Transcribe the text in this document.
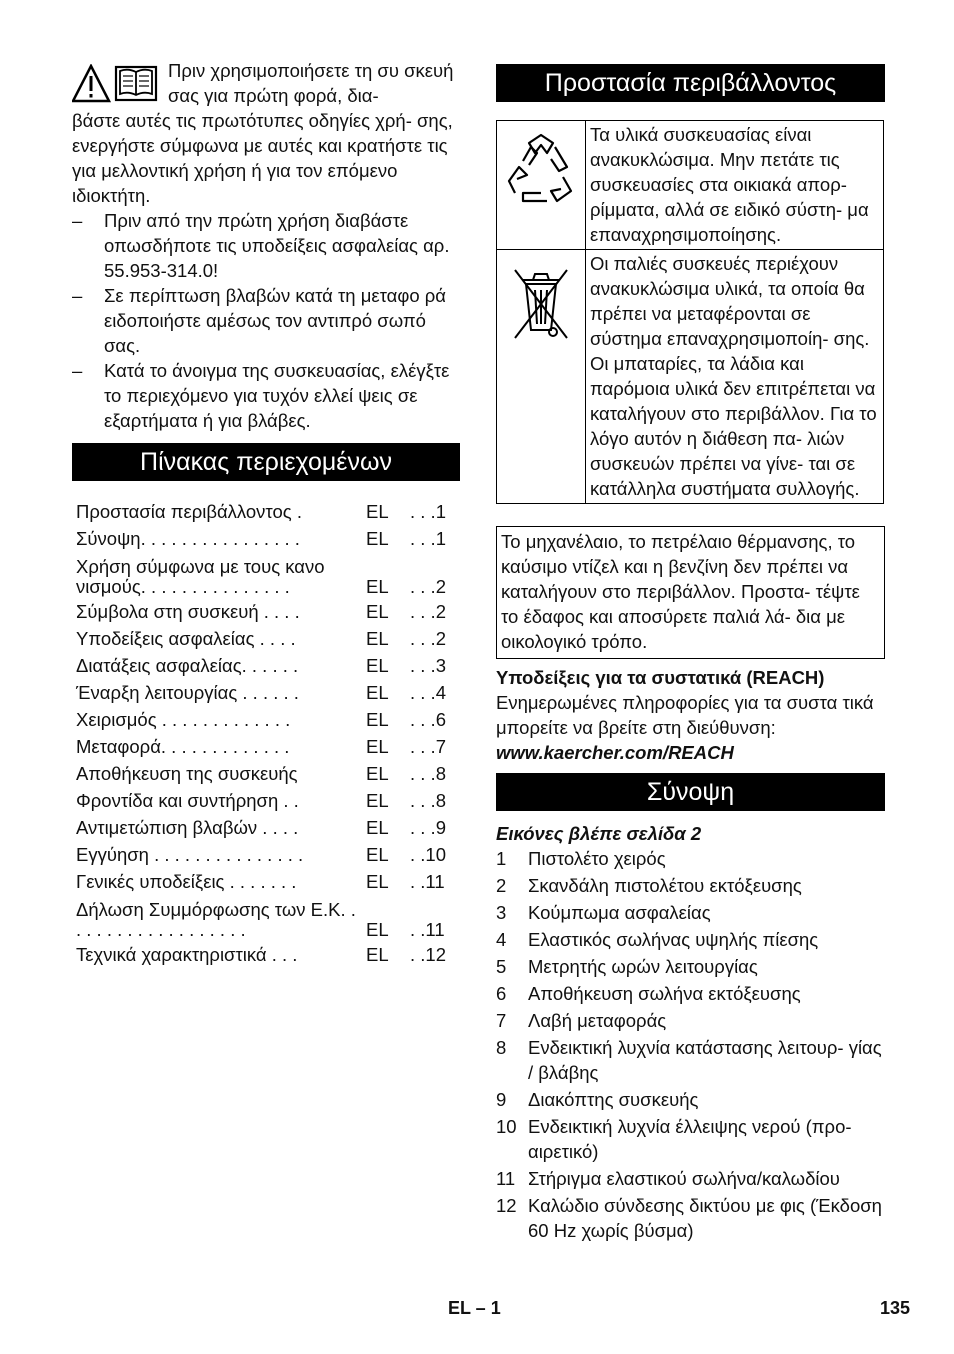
Πριν χρησιμοποιήσετε τη συ σκευή σας για πρώτη φορά, δια-
βάστε αυτές τις πρωτότυπες οδηγίες χρή- σης, ενεργήστε σύμφωνα με αυτές και κρατήστε τις για μελλοντική χρήση ή για τον επόμενο ιδιοκτήτη.
– Πριν από την πρώτη χρήση διαβάστε οπωσδήποτε τις υποδείξεις ασφαλείας αρ. 55.953-314.0!
– Σε περίπτωση βλαβών κατά τη μεταφο ρά ειδοποιήστε αμέσως τον αντιπρό σωπό σας.
– Κατά το άνοιγμα της συσκευασίας, ελέγξτε το περιεχόμενο για τυχόν ελλεί ψεις σε εξαρτήματα ή για βλάβες.
Πίνακας περιεχομένων
Προστασία περιβάλλοντος .	EL . . .1
Σύνοψη. . . . . . . . . . . . . . . .	EL . . .1
Χρήση σύμφωνα με τους κανο νισμούς. . . . . . . . . . . . . . .	EL . . .2
Σύμβολα στη συσκευή . . . .	EL . . .2
Υποδείξεις ασφαλείας . . . .	EL . . .2
Διατάξεις ασφαλείας. . . . . .	EL . . .3
Έναρξη λειτουργίας . . . . . .	EL . . .4
Χειρισμός . . . . . . . . . . . . .	EL . . .6
Μεταφορά. . . . . . . . . . . . .	EL . . .7
Αποθήκευση της συσκευής	EL . . .8
Φροντίδα και συντήρηση . .	EL . . .8
Αντιμετώπιση βλαβών . . . .	EL . . .9
Εγγύηση . . . . . . . . . . . . . . .	EL . .10
Γενικές υποδείξεις . . . . . . .	EL . .11
Δήλωση Συμμόρφωσης των Ε.Κ. . . . . . . . . . . . . . . . . . .	EL . .11
Τεχνικά χαρακτηριστικά . . .	EL . .12
Προστασία περιβάλλοντος
	Τα υλικά συσκευασίας είναι ανακυκλώσιμα. Μην πετάτε τις συσκευασίες στα οικιακά απορ- ρίμματα, αλλά σε ειδικό σύστη- μα επαναχρησιμοποίησης.
	Οι παλιές συσκευές περιέχουν ανακυκλώσιμα υλικά, τα οποία θα πρέπει να μεταφέρονται σε σύστημα επαναχρησιμοποίη- σης. Οι μπαταρίες, τα λάδια και παρόμοια υλικά δεν επιτρέπεται να καταλήγουν στο περιβάλλον. Για το λόγο αυτόν η διάθεση πα- λιών συσκευών πρέπει να γίνε- ται σε κατάλληλα συστήματα συλλογής.
Το μηχανέλαιο, το πετρέλαιο θέρμανσης, το καύσιμο ντίζελ και η βενζίνη δεν πρέπει να καταλήγουν στο περιβάλλον. Προστα- τέψτε το έδαφος και αποσύρετε παλιά λά- δια με οικολογικό τρόπο.
Υποδείξεις για τα συστατικά (REACH)
Ενημερωμένες πληροφορίες για τα συστα τικά μπορείτε να βρείτε στη διεύθυνση:
www.kaercher.com/REACH
Σύνοψη
Εικόνες βλέπε σελίδα 2
1 Πιστολέτο χειρός
2 Σκανδάλη πιστολέτου εκτόξευσης
3 Κούμπωμα ασφαλείας
4 Ελαστικός σωλήνας υψηλής πίεσης
5 Μετρητής ωρών λειτουργίας
6 Αποθήκευση σωλήνα εκτόξευσης
7 Λαβή μεταφοράς
8 Ενδεικτική λυχνία κατάστασης λειτουρ- γίας / βλάβης
9 Διακόπτης συσκευής
10 Ενδεικτική λυχνία έλλειψης νερού (προ- αιρετικό)
11 Στήριγμα ελαστικού σωλήνα/καλωδίου
12 Καλώδιο σύνδεσης δικτύου με φις (Έκδοση 60 Hz χωρίς βύσμα)
EL – 1	135
